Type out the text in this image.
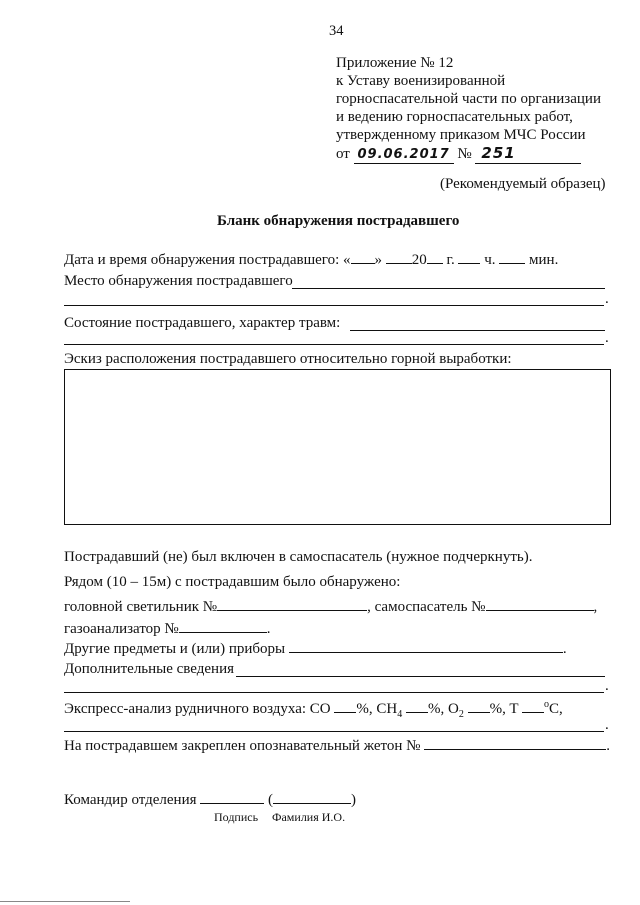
34
Приложение № 12
к Уставу военизированной
горноспасательной части по организации
и ведению горноспасательных работ,
утвержденному приказом МЧС России
от 09.06.2017 № 251
(Рекомендуемый образец)
Бланк обнаружения пострадавшего
Дата и время обнаружения пострадавшего: « » 20 г. ч. мин.
Место обнаружения пострадавшего
.
Состояние пострадавшего, характер травм:
.
Эскиз расположения пострадавшего относительно горной выработки:
Пострадавший (не) был включен в самоспасатель (нужное подчеркнуть).
Рядом (10 – 15м) с пострадавшим было обнаружено:
головной светильник №	, самоспасатель №	,
газоанализатор №	.
Другие предметы и (или) приборы	.
Дополнительные сведения
.
Экспресс-анализ рудничного воздуха: CO %, $CH_4$ %, $O_2$ %, T	$^o$C,
.
На пострадавшем закреплен опознавательный жетон №	.
Командир отделения	(	)
Подпись Фамилия И.О.
